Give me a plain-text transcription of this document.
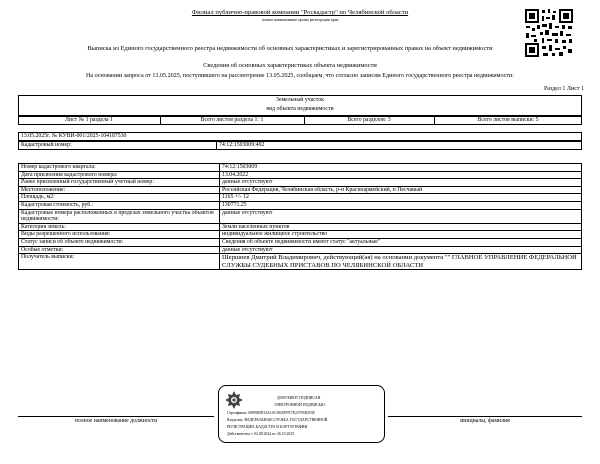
Филиал публично-правовой компании "Роскадастр" по Челябинской области
полное наименование органа регистрации прав
Выписка из Единого государственного реестра недвижимости об основных характеристиках и зарегистрированных правах на объект недвижимости
Сведения об основных характеристиках объекта недвижимости
На основании запроса от 13.05.2025, поступившего на рассмотрение 13.05.2025, сообщаем, что согласно записям Единого государственного реестра недвижимости:
Раздел 1 Лист 1
Земельный участок
вид объекта недвижимости
Лист № 1 раздела 1	Всего листов раздела 1: 1	Всего разделов: 3	Всего листов выписки: 5
13.05.2025г. № КУВИ-001/2025-104187530
Кадастровый номер:	74:12:1503009:492
Номер кадастрового квартала:	74:12:1503009
Дата присвоения кадастрового номера:	13.04.2022
Ранее присвоенный государственный учетный номер:	данные отсутствуют
Местоположение:	Российская Федерация, Челябинская область, р-н Красноармейский, п Песчаный
Площадь, м2:	1165 +/- 12
Кадастровая стоимость, руб.:	130771.25
Кадастровые номера расположенных в пределах земельного участка объектов недвижимости:	данные отсутствуют
Категория земель:	Земли населенных пунктов
Виды разрешенного использования:	индивидуальное жилищное строительство
Статус записи об объекте недвижимости:	Сведения об объекте недвижимости имеют статус "актуальные"
Особые отметки:	данные отсутствуют
Получатель выписки:	Шершнев Дмитрий Владимирович, действующий(ая) на основании документа "" ГЛАВНОЕ УПРАВЛЕНИЕ ФЕДЕРАЛЬНОЙ СЛУЖБЫ СУДЕБНЫХ ПРИСТАВОВ ПО ЧЕЛЯБИНСКОЙ ОБЛАСТИ
полное наименование должности	инициалы, фамилия
ДОКУМЕНТ ПОДПИСАН
ЭЛЕКТРОННОЙ ПОДПИСЬЮ
Сертификат: 00FB80D13A1AC884997E7E23795B3538
Владелец: ФЕДЕРАЛЬНАЯ СЛУЖБА ГОСУДАРСТВЕННОЙ
РЕГИСТРАЦИИ, КАДАСТРА И КАРТОГРАФИИ
Действителен: с 02.08.2024 по 26.10.2025
